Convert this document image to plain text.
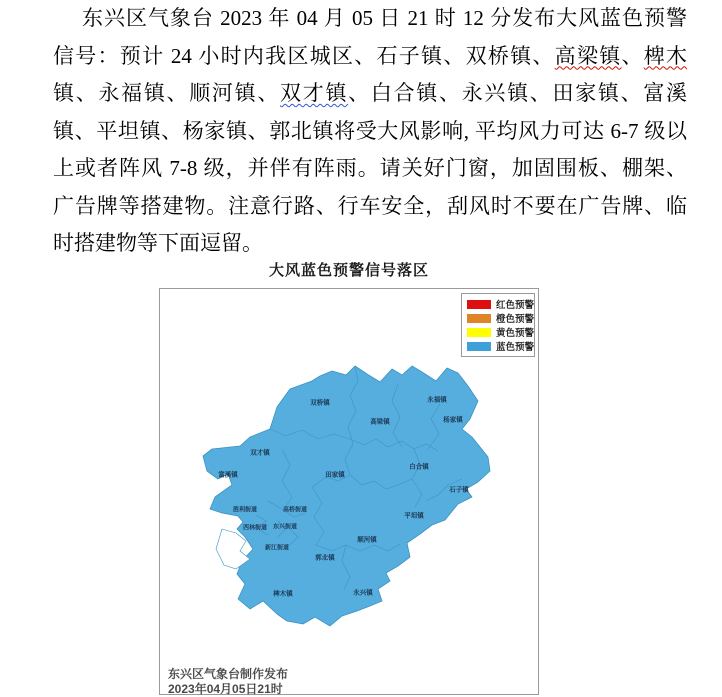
东兴区气象台 2023 年 04 月 05 日 21 时 12 分发布大风蓝色预警
信号：预计 24 小时内我区城区、石子镇、双桥镇、高梁镇、椑木
镇、永福镇、顺河镇、双才镇、白合镇、永兴镇、田家镇、富溪
镇、平坦镇、杨家镇、郭北镇将受大风影响, 平均风力可达 6-7 级以
上或者阵风 7-8 级，并伴有阵雨。请关好门窗，加固围板、棚架、
广告牌等搭建物。注意行路、行车安全，刮风时不要在广告牌、临
时搭建物等下面逗留。
大风蓝色预警信号落区
双桥镇	永福镇
高梁镇	杨家镇
双才镇
富溪镇	田家镇
白合镇
石子镇
胜利街道	高桥街道
西林街道 东兴街道
新江街道
平坦镇
顺河镇
郭北镇
椑木镇	永兴镇
红色预警
橙色预警
黄色预警
蓝色预警
东兴区气象台制作发布
2023年04月05日21时
